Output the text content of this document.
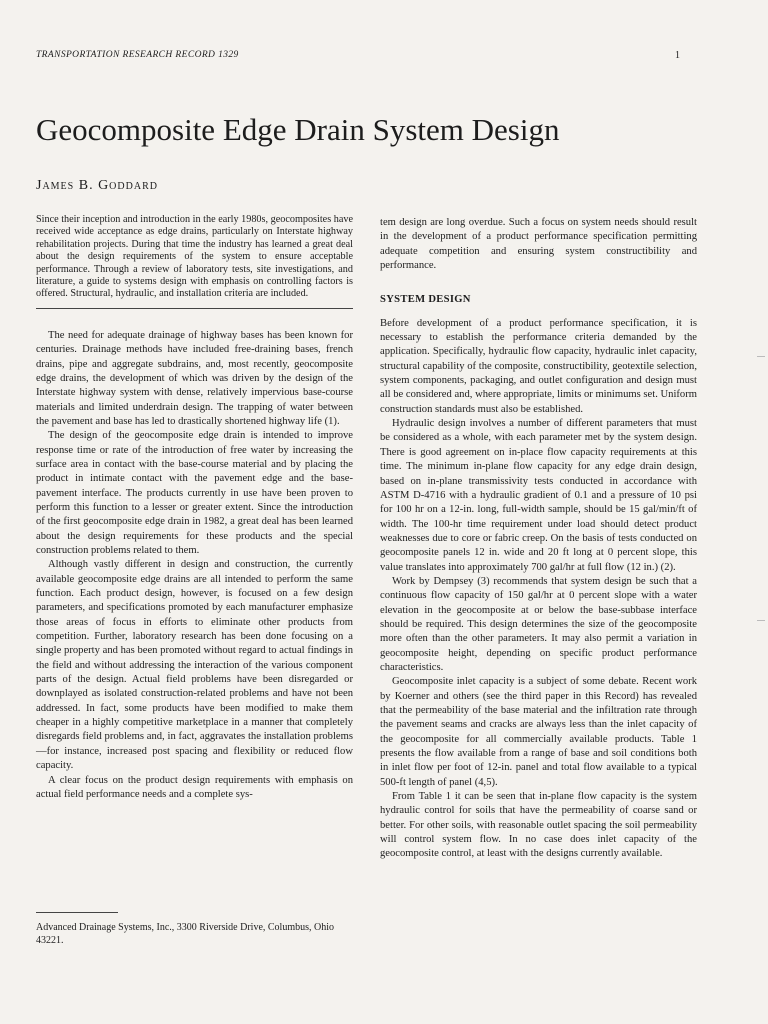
TRANSPORTATION RESEARCH RECORD 1329	1
Geocomposite Edge Drain System Design
James B. Goddard

Since their inception and introduction in the early 1980s, geocomposites have received wide acceptance as edge drains, particularly on Interstate highway rehabilitation projects. During that time the industry has learned a great deal about the design requirements of the system to ensure acceptable performance. Through a review of laboratory tests, site investigations, and literature, a guide to systems design with emphasis on controlling factors is offered. Structural, hydraulic, and installation criteria are included.

The need for adequate drainage of highway bases has been known for centuries. Drainage methods have included free-draining bases, french drains, pipe and aggregate subdrains, and, most recently, geocomposite edge drains, the development of which was driven by the design of the Interstate highway system with dense, relatively impervious base-course materials and limited underdrain design. The trapping of water between the pavement and base has led to drastically shortened highway life (1).

The design of the geocomposite edge drain is intended to improve response time or rate of the introduction of free water by increasing the surface area in contact with the base-course material and by placing the product in intimate contact with the pavement edge and the base-pavement interface. The products currently in use have been proven to perform this function to a lesser or greater extent. Since the introduction of the first geocomposite edge drain in 1982, a great deal has been learned about the design requirements for these products and the special construction problems related to them.

Although vastly different in design and construction, the currently available geocomposite edge drains are all intended to perform the same function. Each product design, however, is focused on a few design parameters, and specifications promoted by each manufacturer emphasize those areas of focus in efforts to eliminate other products from competition. Further, laboratory research has been done focusing on a single property and has been promoted without regard to actual findings in the field and without addressing the interaction of the various component parts of the design. Actual field problems have been disregarded or downplayed as isolated construction-related problems and have not been addressed. In fact, some products have been modified to make them cheaper in a highly competitive marketplace in a manner that completely disregards field problems and, in fact, aggravates the installation problems—for instance, increased post spacing and flexibility or reduced flow capacity.

A clear focus on the product design requirements with emphasis on actual field performance needs and a complete sys-

tem design are long overdue. Such a focus on system needs should result in the development of a product performance specification permitting adequate competition and ensuring system constructibility and performance.

SYSTEM DESIGN

Before development of a product performance specification, it is necessary to establish the performance criteria demanded by the application. Specifically, hydraulic flow capacity, hydraulic inlet capacity, structural capability of the composite, constructibility, geotextile selection, system components, packaging, and outlet configuration and design must all be considered and, where appropriate, limits or minimums set. Uniform construction standards must also be established.

Hydraulic design involves a number of different parameters that must be considered as a whole, with each parameter met by the system design. There is good agreement on in-place flow capacity requirements at this time. The minimum in-plane flow capacity for any edge drain design, based on in-plane transmissivity tests conducted in accordance with ASTM D-4716 with a hydraulic gradient of 0.1 and a pressure of 10 psi for 100 hr on a 12-in. long, full-width sample, should be 15 gal/min/ft of width. The 100-hr time requirement under load should detect product weaknesses due to core or fabric creep. On the basis of tests conducted on geocomposite panels 12 in. wide and 20 ft long at 0 percent slope, this value translates into approximately 700 gal/hr at full flow (12 in.) (2).

Work by Dempsey (3) recommends that system design be such that a continuous flow capacity of 150 gal/hr at 0 percent slope with a water elevation in the geocomposite at or below the base-subbase interface should be required. This design determines the size of the geocomposite more often than the other parameters. It may also permit a variation in geocomposite height, depending on specific product performance characteristics.

Geocomposite inlet capacity is a subject of some debate. Recent work by Koerner and others (see the third paper in this Record) has revealed that the permeability of the base material and the infiltration rate through the pavement seams and cracks are always less than the inlet capacity of the geocomposite for all commercially available products. Table 1 presents the flow available from a range of base and soil conditions both in inlet flow per foot of 12-in. panel and total flow available to a typical 500-ft length of panel (4,5).

From Table 1 it can be seen that in-plane flow capacity is the system hydraulic control for soils that have the permeability of coarse sand or better. For other soils, with reasonable outlet spacing the soil permeability will control system flow. In no case does inlet capacity of the geocomposite control, at least with the designs currently available.

Advanced Drainage Systems, Inc., 3300 Riverside Drive, Columbus, Ohio 43221.
